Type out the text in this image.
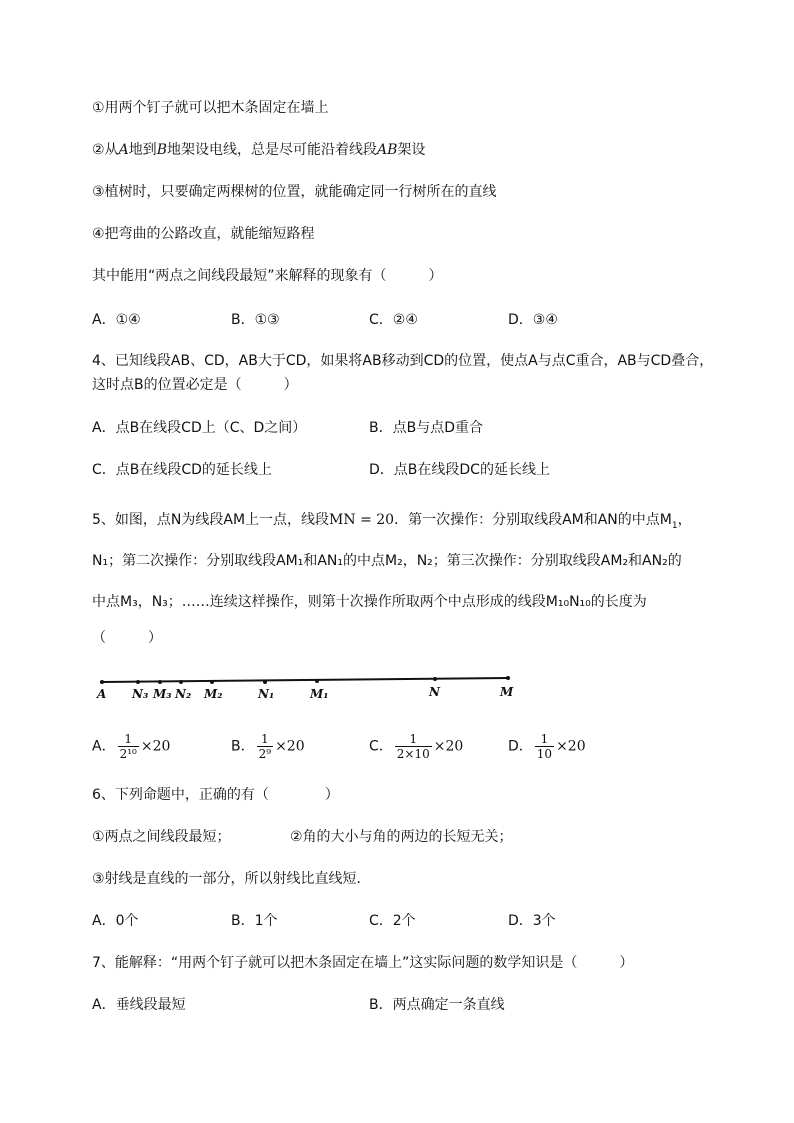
①用两个钉子就可以把木条固定在墙上
②从A地到B地架设电线，总是尽可能沿着线段AB架设
③植树时，只要确定两棵树的位置，就能确定同一行树所在的直线
④把弯曲的公路改直，就能缩短路程
其中能用“两点之间线段最短”来解释的现象有（　　　）
A．①④	B．①③	C．②④	D．③④
4、已知线段AB、CD，AB大于CD，如果将AB移动到CD的位置，使点A与点C重合，AB与CD叠合，
这时点B的位置必定是（　　　）
A．点B在线段CD上（C、D之间）	B．点B与点D重合
C．点B在线段CD的延长线上	D．点B在线段DC的延长线上
5、如图，点N为线段AM上一点，线段MN = 20．第一次操作：分别取线段AM和AN的中点$M_1$，
N₁；第二次操作：分别取线段AM₁和AN₁的中点M₂，N₂；第三次操作：分别取线段AM₂和AN₂的
中点M₃，N₃；……连续这样操作，则第十次操作所取两个中点形成的线段M₁₀N₁₀的长度为
（　　　）
A N₃ M₃ N₂ M₂	N₁	M₁	N	M
A． $\frac{1}{\text{2¹⁰}} \times 20$	B． $\frac{1}{\text{2⁹}} \times 20$	C． $\frac{1}{2\times 10} \times 20$	D． $\frac{1}{10} \times 20$
6、下列命题中，正确的有（　　　　）
①两点之间线段最短；	②角的大小与角的两边的长短无关；
③射线是直线的一部分，所以射线比直线短．
A．0个	B．1个	C．2个	D．3个
7、能解释：“用两个钉子就可以把木条固定在墙上”这实际问题的数学知识是（　　　）
A．垂线段最短	B．两点确定一条直线
